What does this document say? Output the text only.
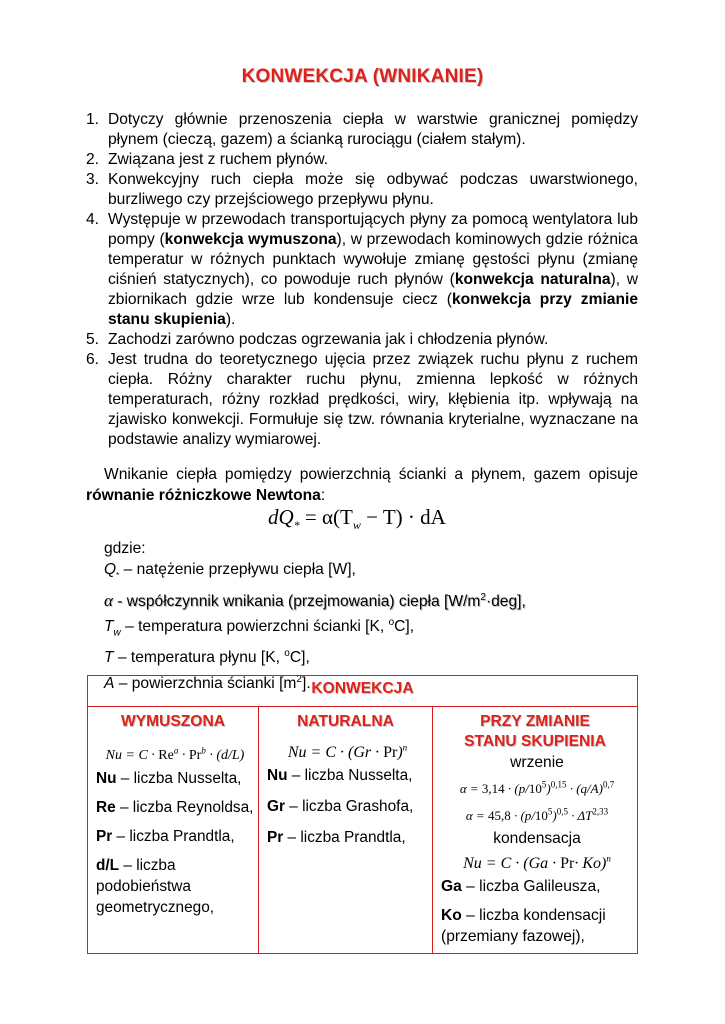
KONWEKCJA (WNIKANIE)
1. Dotyczy głównie przenoszenia ciepła w warstwie granicznej pomiędzy płynem (cieczą, gazem) a ścianką rurociągu (ciałem stałym).
2. Związana jest z ruchem płynów.
3. Konwekcyjny ruch ciepła może się odbywać podczas uwarstwionego, burzliwego czy przejściowego przepływu płynu.
4. Występuje w przewodach transportujących płyny za pomocą wentylatora lub pompy (konwekcja wymuszona), w przewodach kominowych gdzie różnica temperatur w różnych punktach wywołuje zmianę gęstości płynu (zmianę ciśnień statycznych), co powoduje ruch płynów (konwekcja naturalna), w zbiornikach gdzie wrze lub kondensuje ciecz (konwekcja przy zmianie stanu skupienia).
5. Zachodzi zarówno podczas ogrzewania jak i chłodzenia płynów.
6. Jest trudna do teoretycznego ujęcia przez związek ruchu płynu z ruchem ciepła. Różny charakter ruchu płynu, zmienna lepkość w różnych temperaturach, różny rozkład prędkości, wiry, kłębienia itp. wpływają na zjawisko konwekcji. Formułuje się tzw. równania kryterialne, wyznaczane na podstawie analizy wymiarowej.

Wnikanie ciepła pomiędzy powierzchnią ścianki a płynem, gazem opisuje równanie różniczkowe Newtona:

$dQ_* = \alpha(T_w - T)$ · dA
gdzie:
$Q_*$ – natężenie przepływu ciepła [W],
α - współczynnik wnikania (przejmowania) ciepła $[W/m^2\cdot deg]$,
$T_w$ – temperatura powierzchni ścianki [K, $^o$C],
T – temperatura płynu [K, $^o$C],
A – powierzchnia ścianki $[m^2]$. KONWEKCJA
WYMUSZONA
$Nu = C \cdot Re^a \cdot Pr^b \cdot (d/L)$
Nu – liczba Nusselta,
Re – liczba Reynoldsa,
Pr – liczba Prandtla,
d/L – liczba podobieństwa geometrycznego,
NATURALNA
$Nu = C \cdot (Gr \cdot Pr)^n$
Nu – liczba Nusselta,
Gr – liczba Grashofa,
Pr – liczba Prandtla,
PRZY ZMIANIE
STANU SKUPIENIA
wrzenie
$\alpha = 3,14 \cdot (p/10^5)^{0,15} \cdot (q/A)^{0,7}$
$\alpha = 45,8 \cdot (p/10^5)^{0,5} \cdot \Delta T^{2,33}$
kondensacja
$Nu = C \cdot (Ga \cdot Pr\cdot Ko)^n$
Ga – liczba Galileusza,
Ko – liczba kondensacji (przemiany fazowej),
